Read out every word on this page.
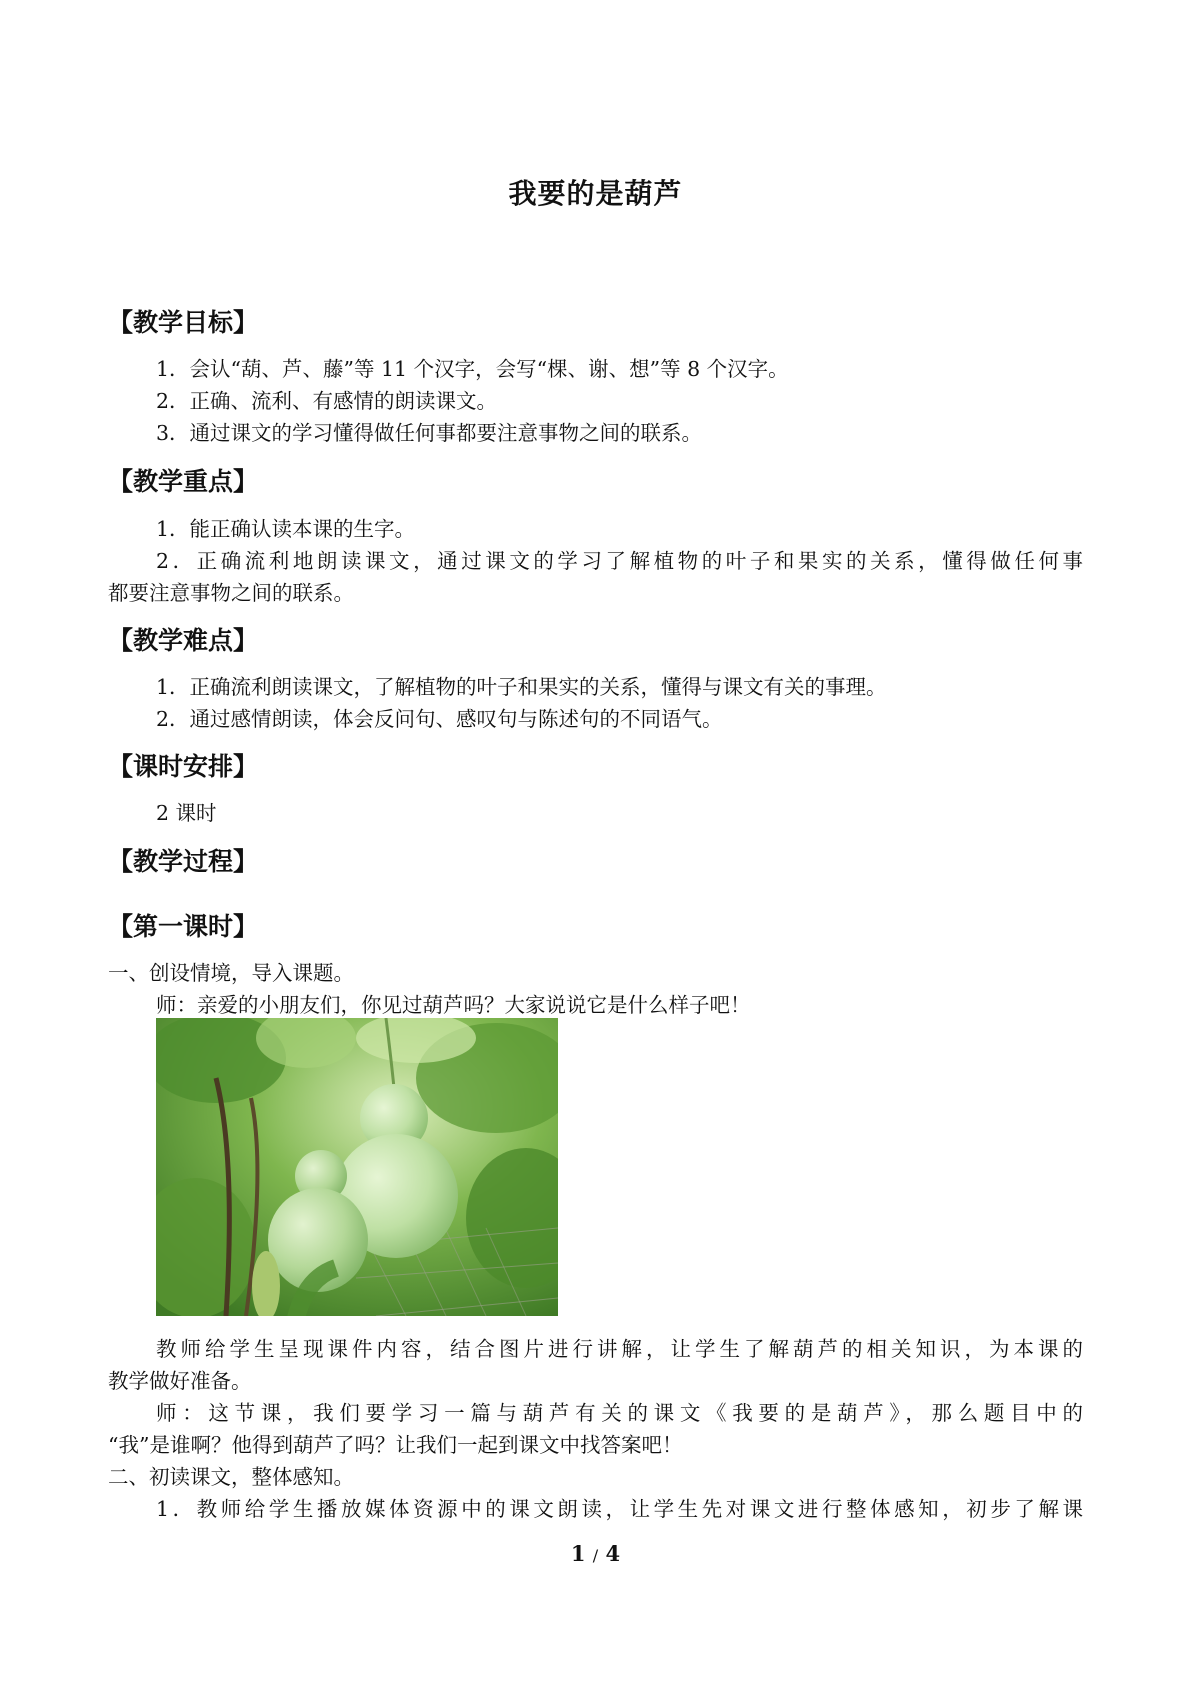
我要的是葫芦
【教学目标】
1．会认“葫、芦、藤”等 11 个汉字，会写“棵、谢、想”等 8 个汉字。
2．正确、流利、有感情的朗读课文。
3．通过课文的学习懂得做任何事都要注意事物之间的联系。
【教学重点】
1．能正确认读本课的生字。
2．正确流利地朗读课文，通过课文的学习了解植物的叶子和果实的关系，懂得做任何事
都要注意事物之间的联系。
【教学难点】
1．正确流利朗读课文，了解植物的叶子和果实的关系，懂得与课文有关的事理。
2．通过感情朗读，体会反问句、感叹句与陈述句的不同语气。
【课时安排】
2 课时
【教学过程】
【第一课时】
一、创设情境，导入课题。
师：亲爱的小朋友们，你见过葫芦吗？大家说说它是什么样子吧！
教师给学生呈现课件内容，结合图片进行讲解，让学生了解葫芦的相关知识，为本课的
教学做好准备。
师：这节课，我们要学习一篇与葫芦有关的课文《我要的是葫芦》，那么题目中的
“我”是谁啊？他得到葫芦了吗？让我们一起到课文中找答案吧！
二、初读课文，整体感知。
1．教师给学生播放媒体资源中的课文朗读，让学生先对课文进行整体感知，初步了解课
1 / 4
